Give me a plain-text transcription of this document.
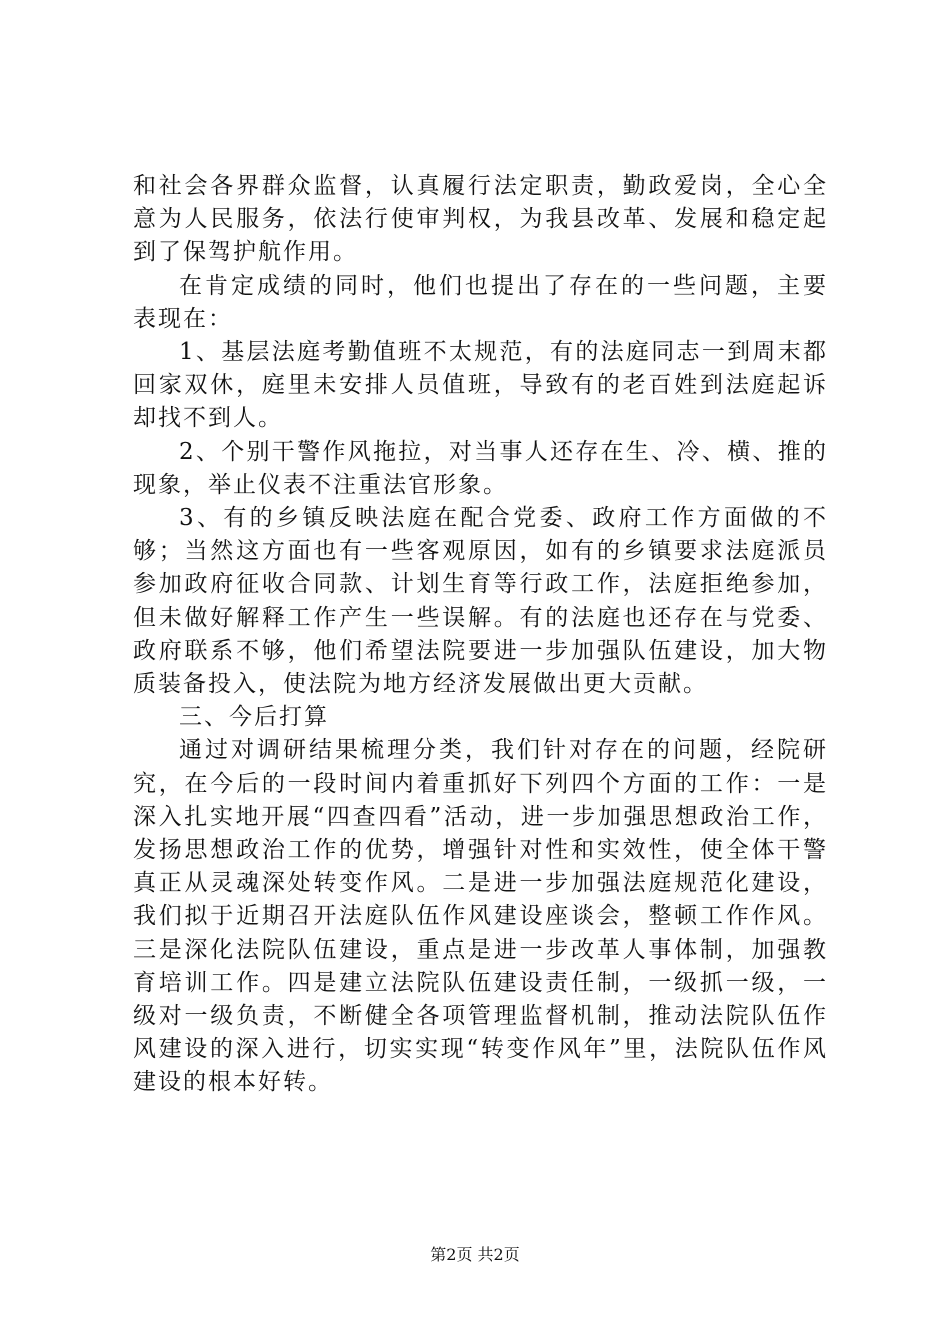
和社会各界群众监督，认真履行法定职责，勤政爱岗，全心全意为人民服务，依法行使审判权，为我县改革、发展和稳定起到了保驾护航作用。

在肯定成绩的同时，他们也提出了存在的一些问题，主要表现在：

1、基层法庭考勤值班不太规范，有的法庭同志一到周末都回家双休，庭里未安排人员值班，导致有的老百姓到法庭起诉却找不到人。

2、个别干警作风拖拉，对当事人还存在生、冷、横、推的现象，举止仪表不注重法官形象。

3、有的乡镇反映法庭在配合党委、政府工作方面做的不够；当然这方面也有一些客观原因，如有的乡镇要求法庭派员参加政府征收合同款、计划生育等行政工作，法庭拒绝参加，但未做好解释工作产生一些误解。有的法庭也还存在与党委、政府联系不够，他们希望法院要进一步加强队伍建设，加大物质装备投入，使法院为地方经济发展做出更大贡献。

三、今后打算

通过对调研结果梳理分类，我们针对存在的问题，经院研究，在今后的一段时间内着重抓好下列四个方面的工作：一是深入扎实地开展“四查四看”活动，进一步加强思想政治工作，发扬思想政治工作的优势，增强针对性和实效性，使全体干警真正从灵魂深处转变作风。二是进一步加强法庭规范化建设，我们拟于近期召开法庭队伍作风建设座谈会，整顿工作作风。三是深化法院队伍建设，重点是进一步改革人事体制，加强教育培训工作。四是建立法院队伍建设责任制，一级抓一级，一级对一级负责，不断健全各项管理监督机制，推动法院队伍作风建设的深入进行，切实实现“转变作风年”里，法院队伍作风建设的根本好转。

第2页 共2页
